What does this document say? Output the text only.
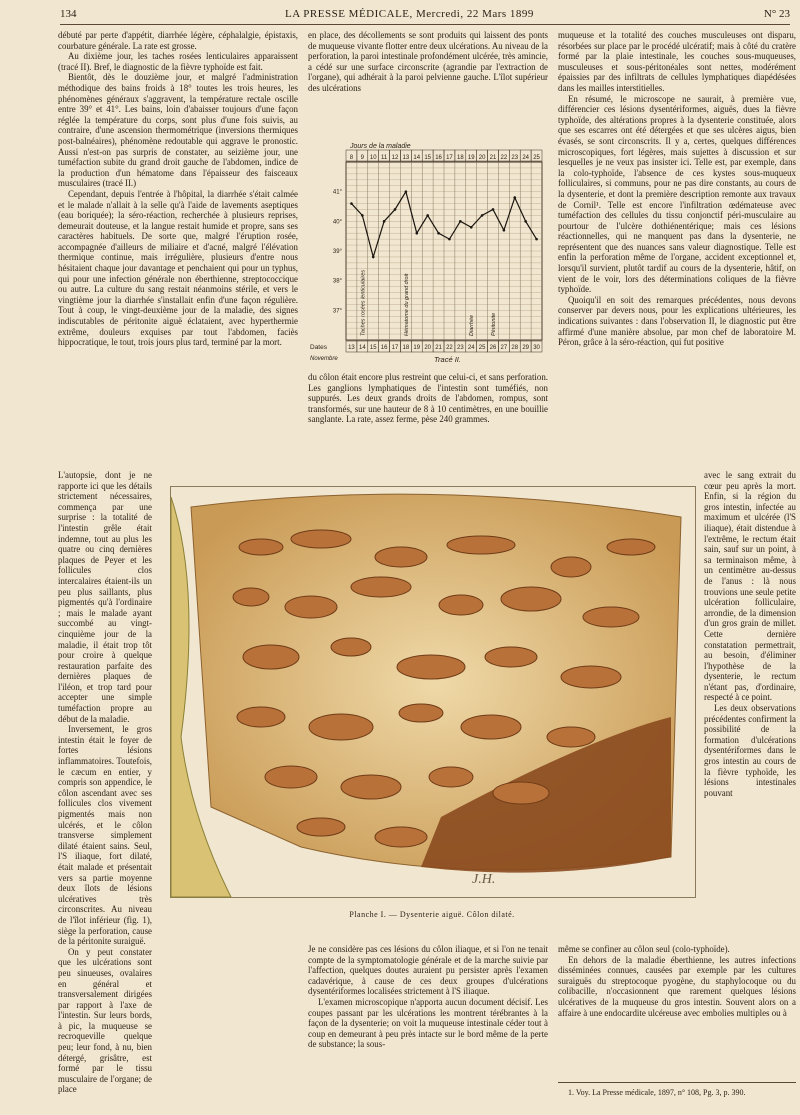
134	LA PRESSE MÉDICALE, Mercredi, 22 Mars 1899	N° 23

débuté par perte d'appétit, diarrhée légère, céphalalgie, épistaxis, courbature générale. La rate est grosse.

Au dixième jour, les taches rosées lenticulaires apparaissent (tracé II). Bref, le diagnostic de la fièvre typhoïde est fait.

Bientôt, dès le douzième jour, et malgré l'administration méthodique des bains froids à 18° toutes les trois heures, les phénomènes généraux s'aggravent, la température rectale oscille entre 39° et 41°. Les bains, loin d'abaisser toujours d'une façon réglée la température du corps, sont plus d'une fois suivis, au contraire, d'une ascension thermométrique (inversions thermiques post-balnéaires), phénomène redoutable qui aggrave le pronostic. Aussi n'est-on pas surpris de constater, au seizième jour, une tuméfaction subite du grand droit gauche de l'abdomen, indice de la production d'un hématome dans l'épaisseur des faisceaux musculaires (tracé II.)

Cependant, depuis l'entrée à l'hôpital, la diarrhée s'était calmée et le malade n'allait à la selle qu'à l'aide de lavements aseptiques (eau boriquée); la séro-réaction, recherchée à plusieurs reprises, demeurait douteuse, et la langue restait humide et propre, sans ses caractères habituels. De sorte que, malgré l'éruption rosée, accompagnée d'ailleurs de miliaire et d'acné, malgré l'élévation thermique continue, mais irrégulière, plusieurs d'entre nous hésitaient chaque jour davantage et penchaient qui pour un typhus, qui pour une infection générale non éberthienne, streptococcique ou autre. La culture du sang restait néanmoins stérile, et vers le vingtième jour la diarrhée s'installait enfin d'une façon régulière. Tout à coup, le vingt-deuxième jour de la maladie, des signes indiscutables de péritonite aiguë éclataient, avec hyperthermie extrême, douleurs exquises par tout l'abdomen, faciès hippocratique, le tout, trois jours plus tard, terminé par la mort.

L'autopsie, dont je ne rapporte ici que les détails strictement nécessaires, commença par une surprise : la totalité de l'intestin grêle était indemne, tout au plus les quatre ou cinq dernières plaques de Peyer et les follicules clos intercalaires étaient-ils un peu plus saillants, plus pigmentés qu'à l'ordinaire ; mais le malade ayant succombé au vingt-cinquième jour de la maladie, il était trop tôt pour croire à quelque restauration parfaite des dernières plaques de l'iléon, et trop tard pour accepter une simple tuméfaction propre au début de la maladie.

Inversement, le gros intestin était le foyer de fortes lésions inflammatoires. Toutefois, le cæcum en entier, y compris son appendice, le côlon ascendant avec ses follicules clos vivement pigmentés mais non ulcérés, et le côlon transverse simplement dilaté étaient sains. Seul, l'S iliaque, fort dilaté, était malade et présentait vers sa partie moyenne deux îlots de lésions ulcératives très circonscrites. Au niveau de l'îlot inférieur (fig. 1), siège la perforation, cause de la péritonite suraiguë.

On y peut constater que les ulcérations sont peu sinueuses, ovalaires en général et transversalement dirigées par rapport à l'axe de l'intestin. Sur leurs bords, à pic, la muqueuse se recroqueville quelque peu; leur fond, à nu, bien détergé, grisâtre, est formé par le tissu musculaire de l'organe; de place

en place, des décollements se sont produits qui laissent des ponts de muqueuse vivante flotter entre deux ulcérations. Au niveau de la perforation, la paroi intestinale profondément ulcérée, très amincie, a cédé sur une surface circonscrite (agrandie par l'extraction de l'organe), qui adhérait à la paroi pelvienne gauche. L'îlot supérieur des ulcérations

Jours de la maladie
8 9 10 11 12 13 14 15 16 17 18 19 20 21 22 23 24 25
41°
40°
39°
38°
37°
Dates	13 14 15 16 17 18 19 20 21 22 23 24 25 26 27 28 29 30
Novembre
Taches rosées lenticulaires	Hématome du grand droit	Diarrhée	Péritonite
Tracé II.

du côlon était encore plus restreint que celui-ci, et sans perforation. Les ganglions lymphatiques de l'intestin sont tuméfiés, non suppurés. Les deux grands droits de l'abdomen, rompus, sont transformés, sur une hauteur de 8 à 10 centimètres, en une bouillie sanglante. La rate, assez ferme, pèse 240 grammes.

muqueuse et la totalité des couches musculeuses ont disparu, résorbées sur place par le procédé ulcératif; mais à côté du cratère formé par la plaie intestinale, les couches sous-muqueuses, musculeuses et sous-péritonéales sont nettes, modérément épaissies par des infiltrats de cellules lymphatiques diapédésées dans les mailles interstitielles.

En résumé, le microscope ne saurait, à première vue, différencier ces lésions dysentériformes, aiguës, dues la fièvre typhoïde, des altérations propres à la dysenterie constituée, alors que ses escarres ont été détergées et que ses ulcères aigus, bien évasés, se sont circonscrits. Il y a, certes, quelques différences microscopiques, fort légères, mais sujettes à discussion et sur lesquelles je ne veux pas insister ici. Telle est, par exemple, dans la colo-typhoïde, l'absence de ces kystes sous-muqueux folliculaires, si communs, pour ne pas dire constants, au cours de la dysenterie, et dont la première description remonte aux travaux de Cornil¹. Telle est encore l'infiltration œdémateuse avec tuméfaction des cellules du tissu conjonctif péri-musculaire au pourtour de l'ulcère dothiénentérique; mais ces lésions réactionnelles, qui ne manquent pas dans la dysenterie, ne représentent que des nuances sans valeur diagnostique. Telle est enfin la perforation même de l'organe, accident exceptionnel et, lorsqu'il survient, plutôt tardif au cours de la dysenterie, hâtif, on vient de le voir, lors des déterminations coliques de la fièvre typhoïde.

Quoiqu'il en soit des remarques précédentes, nous devons conserver par devers nous, pour les explications ultérieures, les indications suivantes : dans l'observation II, le diagnostic put être affirmé d'une manière absolue, par mon chef de laboratoire M. Péron, grâce à la séro-réaction, qui fut positive

avec le sang extrait du cœur peu après la mort. Enfin, si la région du gros intestin, infectée au maximum et ulcérée (l'S iliaque), était distendue à l'extrême, le rectum était sain, sauf sur un point, à sa terminaison même, à un centimètre au-dessus de l'anus : là nous trouvions une seule petite ulcération folliculaire, arrondie, de la dimension d'un gros grain de millet. Cette dernière constatation permettrait, au besoin, d'éliminer l'hypothèse de la dysenterie, le rectum n'étant pas, d'ordinaire, respecté à ce point.

Les deux observations précédentes confirment la possibilité de la formation d'ulcérations dysentériformes dans le gros intestin au cours de la fièvre typhoïde, les lésions intestinales pouvant

même se confiner au côlon seul (colo-typhoïde).

En dehors de la maladie éberthienne, les autres infections disséminées connues, causées par exemple par les cultures suraiguës du streptocoque pyogène, du staphylocoque ou du colibacille, n'occasionnent que rarement quelques lésions ulcératives de la muqueuse du gros intestin. Souvent alors on a affaire à une endocardite ulcéreuse avec embolies multiples ou à

Planche I. — Dysenterie aiguë. Côlon dilaté.
J.H.

Je ne considère pas ces lésions du côlon iliaque, et si l'on ne tenait compte de la symptomatologie générale et de la marche suivie par l'affection, quelques doutes auraient pu persister après l'examen cadavérique, à cause de ces deux groupes d'ulcérations dysentériformes localisées strictement à l'S iliaque.

L'examen microscopique n'apporta aucun document décisif. Les coupes passant par les ulcérations les montrent térébrantes à la façon de la dysenterie; on voit la muqueuse intestinale céder tout à coup en demeurant à peu près intacte sur le bord même de la perte de substance; la sous-

1. Voy. La Presse médicale, 1897, n° 108, Pg. 3, p. 390.
